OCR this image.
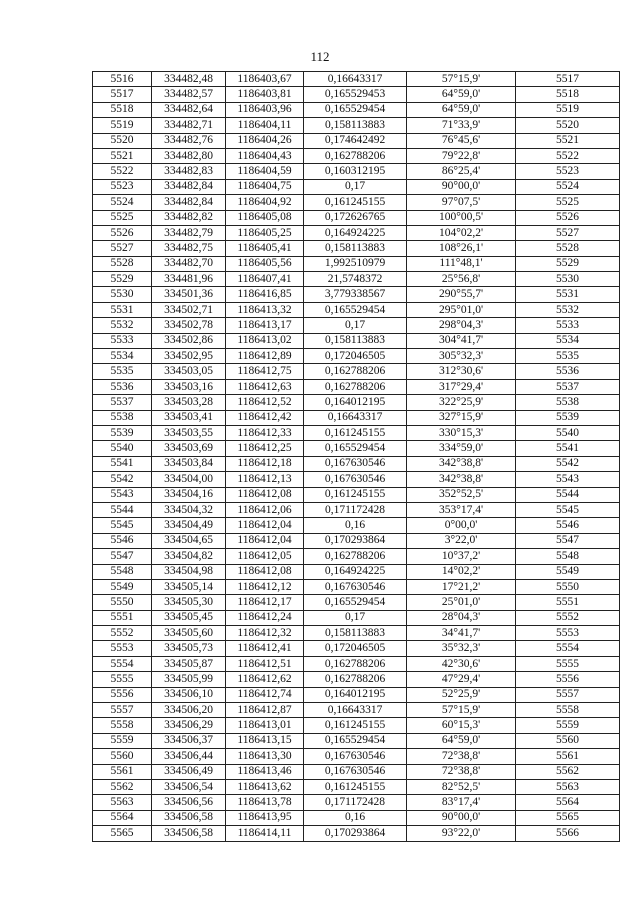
112
5516	334482,48	1186403,67	0,16643317	57°15,9'	5517
5517	334482,57	1186403,81	0,165529453	64°59,0'	5518
5518	334482,64	1186403,96	0,165529454	64°59,0'	5519
5519	334482,71	1186404,11	0,158113883	71°33,9'	5520
5520	334482,76	1186404,26	0,174642492	76°45,6'	5521
5521	334482,80	1186404,43	0,162788206	79°22,8'	5522
5522	334482,83	1186404,59	0,160312195	86°25,4'	5523
5523	334482,84	1186404,75	0,17	90°00,0'	5524
5524	334482,84	1186404,92	0,161245155	97°07,5'	5525
5525	334482,82	1186405,08	0,172626765	100°00,5'	5526
5526	334482,79	1186405,25	0,164924225	104°02,2'	5527
5527	334482,75	1186405,41	0,158113883	108°26,1'	5528
5528	334482,70	1186405,56	1,992510979	111°48,1'	5529
5529	334481,96	1186407,41	21,5748372	25°56,8'	5530
5530	334501,36	1186416,85	3,779338567	290°55,7'	5531
5531	334502,71	1186413,32	0,165529454	295°01,0'	5532
5532	334502,78	1186413,17	0,17	298°04,3'	5533
5533	334502,86	1186413,02	0,158113883	304°41,7'	5534
5534	334502,95	1186412,89	0,172046505	305°32,3'	5535
5535	334503,05	1186412,75	0,162788206	312°30,6'	5536
5536	334503,16	1186412,63	0,162788206	317°29,4'	5537
5537	334503,28	1186412,52	0,164012195	322°25,9'	5538
5538	334503,41	1186412,42	0,16643317	327°15,9'	5539
5539	334503,55	1186412,33	0,161245155	330°15,3'	5540
5540	334503,69	1186412,25	0,165529454	334°59,0'	5541
5541	334503,84	1186412,18	0,167630546	342°38,8'	5542
5542	334504,00	1186412,13	0,167630546	342°38,8'	5543
5543	334504,16	1186412,08	0,161245155	352°52,5'	5544
5544	334504,32	1186412,06	0,171172428	353°17,4'	5545
5545	334504,49	1186412,04	0,16	0°00,0'	5546
5546	334504,65	1186412,04	0,170293864	3°22,0'	5547
5547	334504,82	1186412,05	0,162788206	10°37,2'	5548
5548	334504,98	1186412,08	0,164924225	14°02,2'	5549
5549	334505,14	1186412,12	0,167630546	17°21,2'	5550
5550	334505,30	1186412,17	0,165529454	25°01,0'	5551
5551	334505,45	1186412,24	0,17	28°04,3'	5552
5552	334505,60	1186412,32	0,158113883	34°41,7'	5553
5553	334505,73	1186412,41	0,172046505	35°32,3'	5554
5554	334505,87	1186412,51	0,162788206	42°30,6'	5555
5555	334505,99	1186412,62	0,162788206	47°29,4'	5556
5556	334506,10	1186412,74	0,164012195	52°25,9'	5557
5557	334506,20	1186412,87	0,16643317	57°15,9'	5558
5558	334506,29	1186413,01	0,161245155	60°15,3'	5559
5559	334506,37	1186413,15	0,165529454	64°59,0'	5560
5560	334506,44	1186413,30	0,167630546	72°38,8'	5561
5561	334506,49	1186413,46	0,167630546	72°38,8'	5562
5562	334506,54	1186413,62	0,161245155	82°52,5'	5563
5563	334506,56	1186413,78	0,171172428	83°17,4'	5564
5564	334506,58	1186413,95	0,16	90°00,0'	5565
5565	334506,58	1186414,11	0,170293864	93°22,0'	5566
